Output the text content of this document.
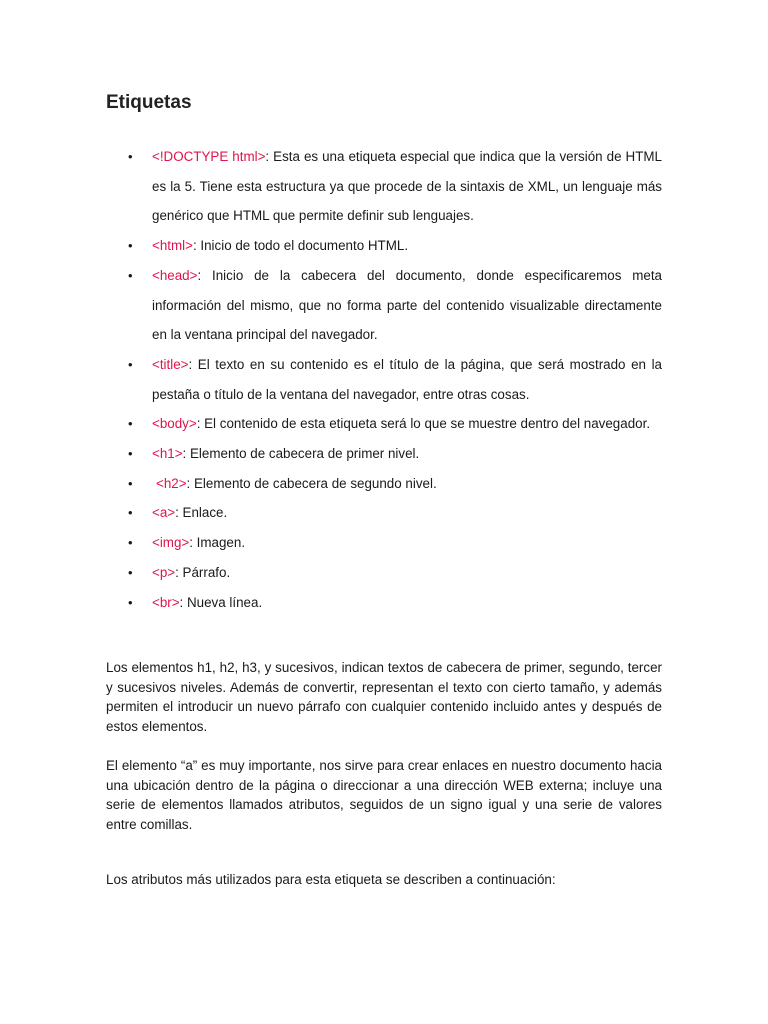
Etiquetas
• <!DOCTYPE html>: Esta es una etiqueta especial que indica que la versión de HTML es la 5. Tiene esta estructura ya que procede de la sintaxis de XML, un lenguaje más genérico que HTML que permite definir sub lenguajes.
• <html>: Inicio de todo el documento HTML.
• <head>: Inicio de la cabecera del documento, donde especificaremos meta información del mismo, que no forma parte del contenido visualizable directamente en la ventana principal del navegador.
• <title>: El texto en su contenido es el título de la página, que será mostrado en la pestaña o título de la ventana del navegador, entre otras cosas.
• <body>: El contenido de esta etiqueta será lo que se muestre dentro del navegador.
• <h1>: Elemento de cabecera de primer nivel.
• <h2>: Elemento de cabecera de segundo nivel.
• <a>: Enlace.
• <img>: Imagen.
• <p>: Párrafo.
• <br>: Nueva línea.

Los elementos h1, h2, h3, y sucesivos, indican textos de cabecera de primer, segundo, tercer y sucesivos niveles. Además de convertir, representan el texto con cierto tamaño, y además permiten el introducir un nuevo párrafo con cualquier contenido incluido antes y después de estos elementos.

El elemento “a” es muy importante, nos sirve para crear enlaces en nuestro documento hacia una ubicación dentro de la página o direccionar a una dirección WEB externa; incluye una serie de elementos llamados atributos, seguidos de un signo igual y una serie de valores entre comillas.

Los atributos más utilizados para esta etiqueta se describen a continuación:
